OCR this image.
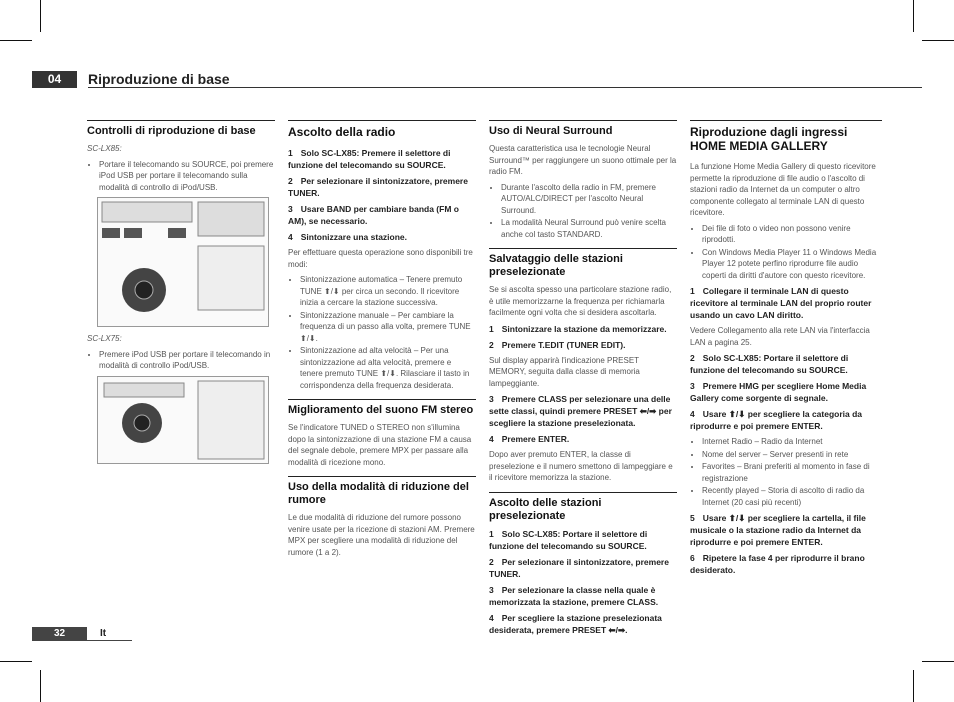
04	Riproduzione di base
Controlli di riproduzione di base

SC-LX85:

• Portare il telecomando su SOURCE, poi premere iPod USB per portare il telecomando sulla modalità di controllo di iPod/USB.

SC-LX75:

• Premere iPod USB per portare il telecomando in modalità di controllo iPod/USB.
Ascolto della radio

1 Solo SC-LX85: Premere il selettore di funzione del telecomando su SOURCE.

2 Per selezionare il sintonizzatore, premere TUNER.

3 Usare BAND per cambiare banda (FM o AM), se necessario.

4 Sintonizzare una stazione.

Per effettuare questa operazione sono disponibili tre modi:

• Sintonizzazione automatica – Tenere premuto TUNE ⬆/⬇ per circa un secondo. Il ricevitore inizia a cercare la stazione successiva.
• Sintonizzazione manuale – Per cambiare la frequenza di un passo alla volta, premere TUNE ⬆/⬇.
• Sintonizzazione ad alta velocità – Per una sintonizzazione ad alta velocità, premere e tenere premuto TUNE ⬆/⬇. Rilasciare il tasto in corrispondenza della frequenza desiderata.
Miglioramento del suono FM stereo

Se l'indicatore TUNED o STEREO non s'illumina dopo la sintonizzazione di una stazione FM a causa del segnale debole, premere MPX per passare alla modalità di ricezione mono.

Uso della modalità di riduzione del rumore

Le due modalità di riduzione del rumore possono venire usate per la ricezione di stazioni AM. Premere MPX per scegliere una modalità di riduzione del rumore (1 a 2).

Uso di Neural Surround

Questa caratteristica usa le tecnologie Neural Surround™ per raggiungere un suono ottimale per la radio FM.

• Durante l'ascolto della radio in FM, premere AUTO/ALC/DIRECT per l'ascolto Neural Surround.
• La modalità Neural Surround può venire scelta anche col tasto STANDARD.
Salvataggio delle stazioni preselezionate

Se si ascolta spesso una particolare stazione radio, è utile memorizzarne la frequenza per richiamarla facilmente ogni volta che si desidera ascoltarla.

1 Sintonizzare la stazione da memorizzare.

2 Premere T.EDIT (TUNER EDIT).

Sul display apparirà l'indicazione PRESET MEMORY, seguita dalla classe di memoria lampeggiante.

3 Premere CLASS per selezionare una delle sette classi, quindi premere PRESET ⬅/➡ per scegliere la stazione preselezionata.

4 Premere ENTER.

Dopo aver premuto ENTER, la classe di preselezione e il numero smettono di lampeggiare e il ricevitore memorizza la stazione.

Ascolto delle stazioni preselezionate

1 Solo SC-LX85: Portare il selettore di funzione del telecomando su SOURCE.

2 Per selezionare il sintonizzatore, premere TUNER.

3 Per selezionare la classe nella quale è memorizzata la stazione, premere CLASS.

4 Per scegliere la stazione preselezionata desiderata, premere PRESET ⬅/➡.

Riproduzione dagli ingressi HOME MEDIA GALLERY

La funzione Home Media Gallery di questo ricevitore permette la riproduzione di file audio o l'ascolto di stazioni radio da Internet da un computer o altro componente collegato al terminale LAN di questo ricevitore.

• Dei file di foto o video non possono venire riprodotti.
• Con Windows Media Player 11 o Windows Media Player 12 potete perfino riprodurre file audio coperti da diritti d'autore con questo ricevitore.

1 Collegare il terminale LAN di questo ricevitore al terminale LAN del proprio router usando un cavo LAN diritto.

Vedere Collegamento alla rete LAN via l'interfaccia LAN a pagina 25.

2 Solo SC-LX85: Portare il selettore di funzione del telecomando su SOURCE.

3 Premere HMG per scegliere Home Media Gallery come sorgente di segnale.

4 Usare ⬆/⬇ per scegliere la categoria da riprodurre e poi premere ENTER.

• Internet Radio – Radio da Internet
• Nome del server – Server presenti in rete
• Favorites – Brani preferiti al momento in fase di registrazione
• Recently played – Storia di ascolto di radio da Internet (20 casi più recenti)

5 Usare ⬆/⬇ per scegliere la cartella, il file musicale o la stazione radio da Internet da riprodurre e poi premere ENTER.

6 Ripetere la fase 4 per riprodurre il brano desiderato.

32	It
